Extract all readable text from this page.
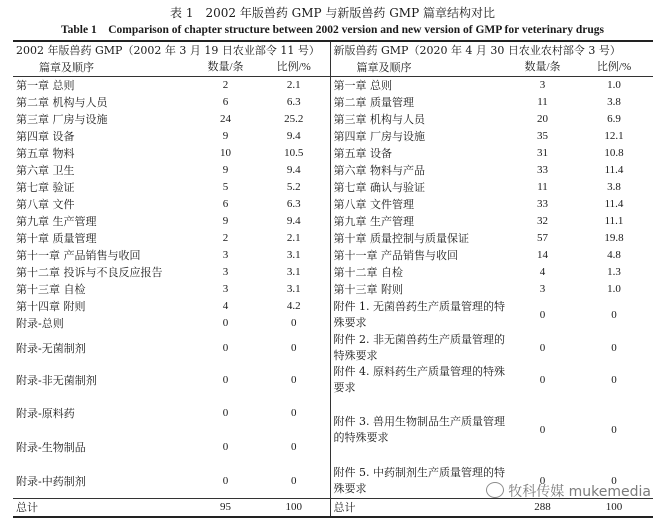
表 1　2002 年版兽药 GMP 与新版兽药 GMP 篇章结构对比
Table 1　Comparison of chapter structure between 2002 version and new version of GMP for veterinary drugs
2002 年版兽药 GMP（2002 年 3 月 19 日农业部令 11 号）			新版兽药 GMP（2020 年 4 月 30 日农业农村部令 3 号）		
篇章及顺序	数量/条	比例/%	篇章及顺序	数量/条	比例/%
第一章 总则	2	2.1	第一章 总则	3	1.0
第二章 机构与人员	6	6.3	第二章 质量管理	11	3.8
第三章 厂房与设施	24	25.2	第三章 机构与人员	20	6.9
第四章 设备	9	9.4	第四章 厂房与设施	35	12.1
第五章 物料	10	10.5	第五章 设备	31	10.8
第六章 卫生	9	9.4	第六章 物料与产品	33	11.4
第七章 验证	5	5.2	第七章 确认与验证	11	3.8
第八章 文件	6	6.3	第八章 文件管理	33	11.4
第九章 生产管理	9	9.4	第九章 生产管理	32	11.1
第十章 质量管理	2	2.1	第十章 质量控制与质量保证	57	19.8
第十一章 产品销售与收回	3	3.1	第十一章 产品销售与收回	14	4.8
第十二章 投诉与不良反应报告	3	3.1	第十二章 自检	4	1.3
第十三章 自检	3	3.1	第十三章 附则	3	1.0
第十四章 附则	4	4.2	附件 1. 无菌兽药生产质量管理的特殊要求	0	0
附录-总则	0	0			
附录-无菌制剂	0	0	附件 2. 非无菌兽药生产质量管理的特殊要求	0	0
附录-非无菌制剂	0	0	附件 4. 原料药生产质量管理的特殊要求	0	0
附录-原料药	0	0	附件 3. 兽用生物制品生产质量管理的特殊要求	0	0
附录-生物制品	0	0			
附录-中药制剂	0	0	附件 5. 中药制剂生产质量管理的特殊要求	0	0
总计	95	100	总计	288	100
牧科传媒 mukemedia
